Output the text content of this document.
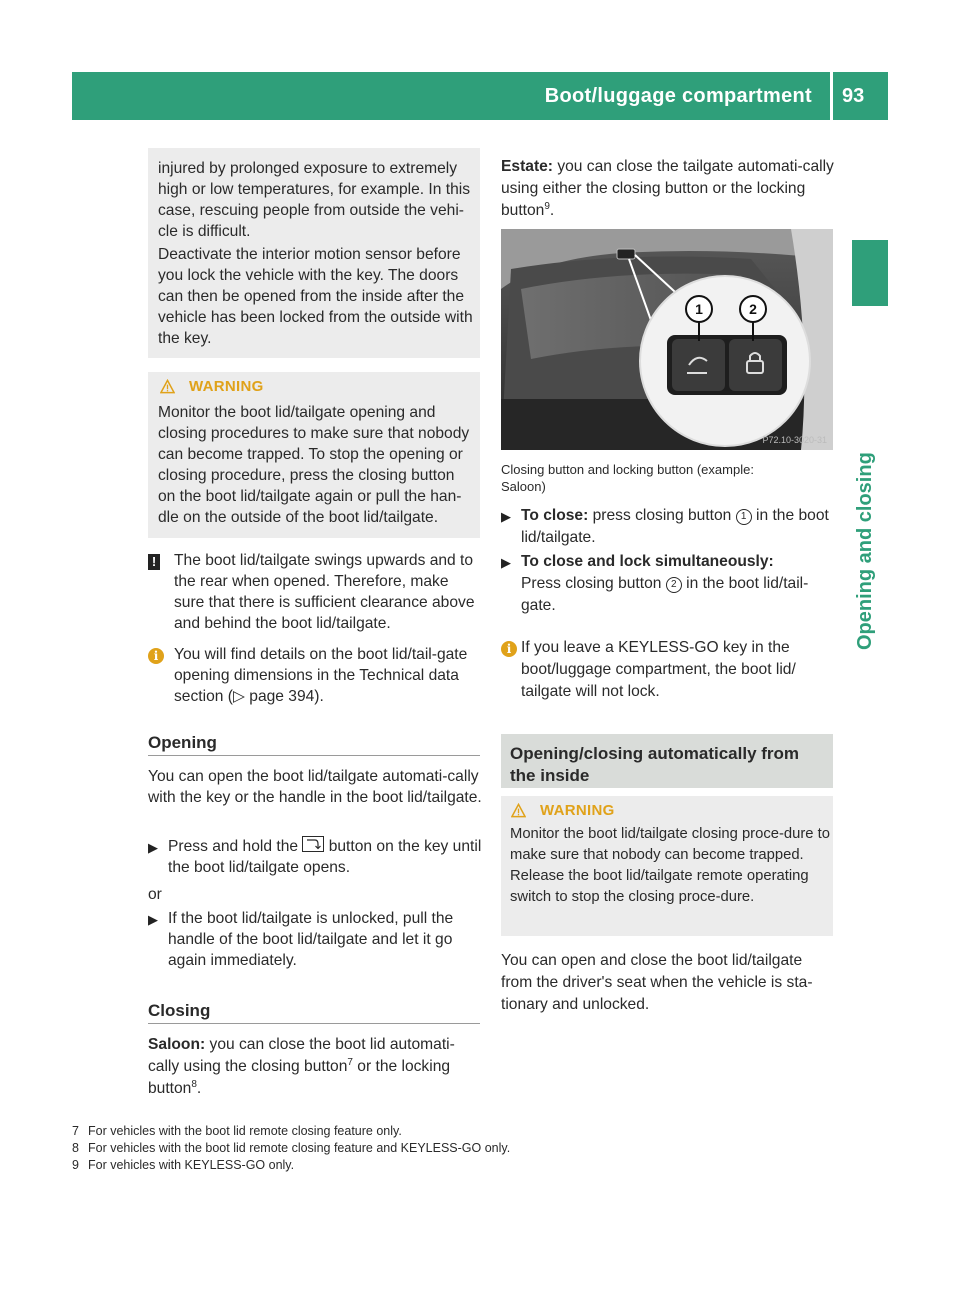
Boot/luggage compartment 93
Opening and closing
injured by prolonged exposure to extremely high or low temperatures, for example. In this case, rescuing people from outside the vehi-cle is difficult.
Deactivate the interior motion sensor before you lock the vehicle with the key. The doors can then be opened from the inside after the vehicle has been locked from the outside with the key.
WARNING
Monitor the boot lid/tailgate opening and closing procedures to make sure that nobody can become trapped. To stop the opening or closing procedure, press the closing button on the boot lid/tailgate again or pull the han-dle on the outside of the boot lid/tailgate.
!	The boot lid/tailgate swings upwards and to the rear when opened. Therefore, make sure that there is sufficient clearance above and behind the boot lid/tailgate.
i	You will find details on the boot lid/tail-gate opening dimensions in the Technical data section (▷ page 394).
Opening
You can open the boot lid/tailgate automati-cally with the key or the handle in the boot lid/tailgate.
▶ Press and hold the
button on the key until the boot lid/tailgate opens.
or
▶ If the boot lid/tailgate is unlocked, pull the handle of the boot lid/tailgate and let it go again immediately.
Closing
Saloon: you can close the boot lid automati-cally using the closing button$^7$ or the locking button$^8$.
Estate: you can close the tailgate automati-cally using either the closing button or the locking button$^9$.
1	2
P72.10-3020-31
Closing button and locking button (example: Saloon)
▶ To close: press closing button 1 in the boot lid/tailgate.
▶ To close and lock simultaneously:
Press closing button 2 in the boot lid/tail-gate.
i If you leave a KEYLESS-GO key in the boot/luggage compartment, the boot lid/ tailgate will not lock.
Opening/closing automatically from the inside
WARNING
Monitor the boot lid/tailgate closing proce-dure to make sure that nobody can become trapped. Release the boot lid/tailgate remote operating switch to stop the closing proce-dure.
You can open and close the boot lid/tailgate from the driver's seat when the vehicle is sta-tionary and unlocked.
7 For vehicles with the boot lid remote closing feature only.
8 For vehicles with the boot lid remote closing feature and KEYLESS-GO only.
9 For vehicles with KEYLESS-GO only.
